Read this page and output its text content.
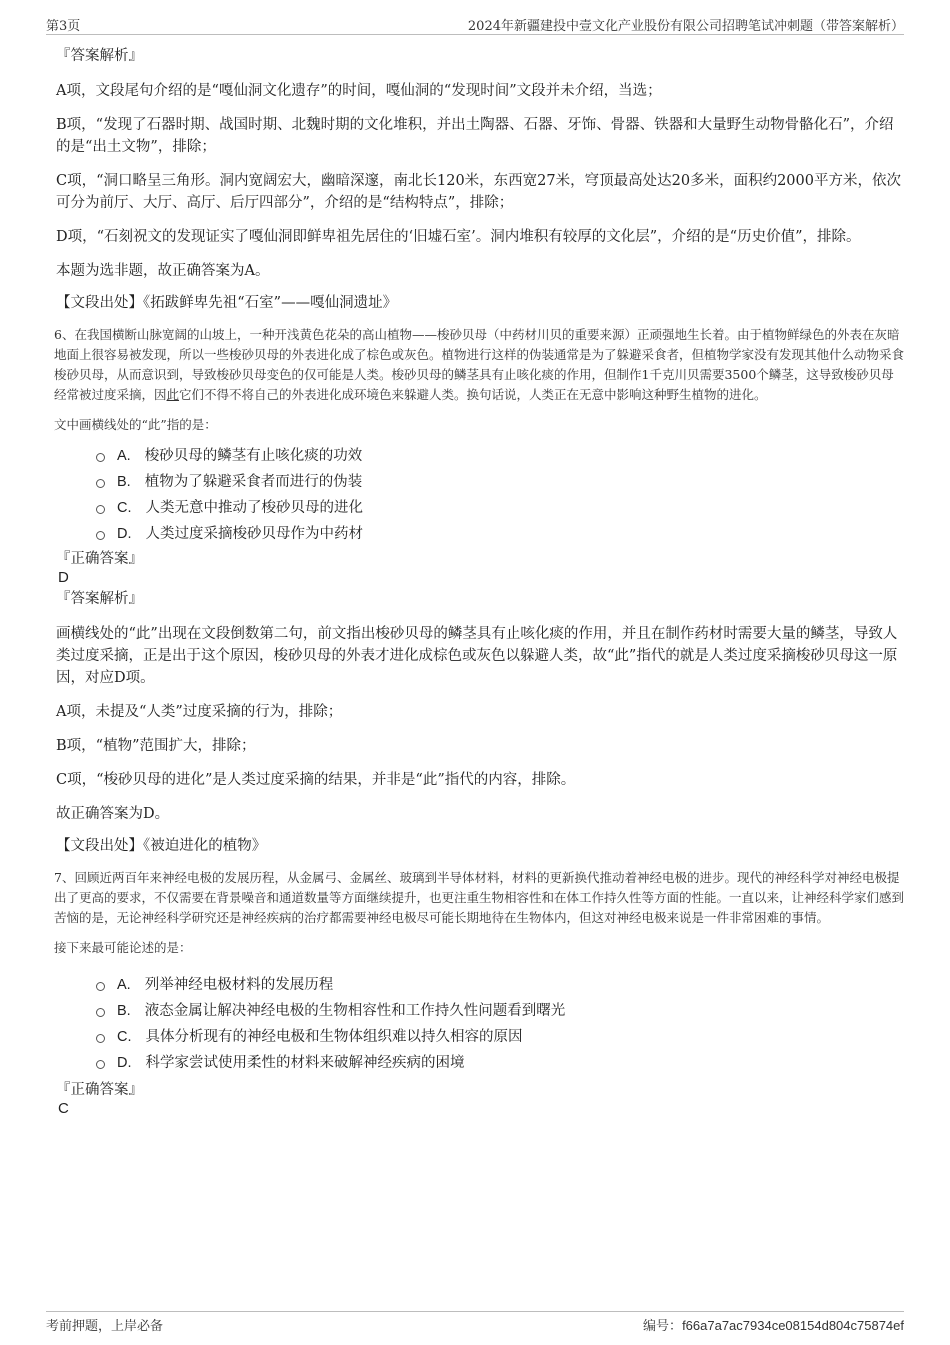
第3页	2024年新疆建投中壹文化产业股份有限公司招聘笔试冲刺题（带答案解析）
『答案解析』
A项，文段尾句介绍的是“嘎仙洞文化遗存”的时间，嘎仙洞的“发现时间”文段并未介绍，当选；
B项，“发现了石器时期、战国时期、北魏时期的文化堆积，并出土陶器、石器、牙饰、骨器、铁器和大量野生动物骨骼化石”，介绍的是“出土文物”，排除；
C项，“洞口略呈三角形。洞内宽阔宏大，幽暗深邃，南北长120米，东西宽27米，穹顶最高处达20多米，面积约2000平方米，依次可分为前厅、大厅、高厅、后厅四部分”，介绍的是“结构特点”，排除；
D项，“石刻祝文的发现证实了嘎仙洞即鲜卑祖先居住的‘旧墟石室’。洞内堆积有较厚的文化层”，介绍的是“历史价值”，排除。
本题为选非题，故正确答案为A。
【文段出处】《拓跋鲜卑先祖“石室”——嘎仙洞遗址》
6、在我国横断山脉宽阔的山坡上，一种开浅黄色花朵的高山植物——梭砂贝母（中药材川贝的重要来源）正顽强地生长着。由于植物鲜绿色的外表在灰暗地面上很容易被发现，所以一些梭砂贝母的外表进化成了棕色或灰色。植物进行这样的伪装通常是为了躲避采食者，但植物学家没有发现其他什么动物采食梭砂贝母，从而意识到，导致梭砂贝母变色的仅可能是人类。梭砂贝母的鳞茎具有止咳化痰的作用，但制作1千克川贝需要3500个鳞茎，这导致梭砂贝母经常被过度采摘，因此它们不得不将自己的外表进化成环境色来躲避人类。换句话说，人类正在无意中影响这种野生植物的进化。
文中画横线处的“此”指的是：
A. 梭砂贝母的鳞茎有止咳化痰的功效
B. 植物为了躲避采食者而进行的伪装
C. 人类无意中推动了梭砂贝母的进化
D. 人类过度采摘梭砂贝母作为中药材
『正确答案』
D
『答案解析』
画横线处的“此”出现在文段倒数第二句，前文指出梭砂贝母的鳞茎具有止咳化痰的作用，并且在制作药材时需要大量的鳞茎，导致人类过度采摘，正是出于这个原因，梭砂贝母的外表才进化成棕色或灰色以躲避人类，故“此”指代的就是人类过度采摘梭砂贝母这一原因，对应D项。
A项，未提及“人类”过度采摘的行为，排除；
B项，“植物”范围扩大，排除；
C项，“梭砂贝母的进化”是人类过度采摘的结果，并非是“此”指代的内容，排除。
故正确答案为D。
【文段出处】《被迫进化的植物》
7、回顾近两百年来神经电极的发展历程，从金属弓、金属丝、玻璃到半导体材料，材料的更新换代推动着神经电极的进步。现代的神经科学对神经电极提出了更高的要求，不仅需要在背景噪音和通道数量等方面继续提升，也更注重生物相容性和在体工作持久性等方面的性能。一直以来，让神经科学家们感到苦恼的是，无论神经科学研究还是神经疾病的治疗都需要神经电极尽可能长期地待在生物体内，但这对神经电极来说是一件非常困难的事情。
接下来最可能论述的是：
A. 列举神经电极材料的发展历程
B. 液态金属让解决神经电极的生物相容性和工作持久性问题看到曙光
C. 具体分析现有的神经电极和生物体组织难以持久相容的原因
D. 科学家尝试使用柔性的材料来破解神经疾病的困境
『正确答案』
C
考前押题，上岸必备	编号：f66a7a7ac7934ce08154d804c75874ef
